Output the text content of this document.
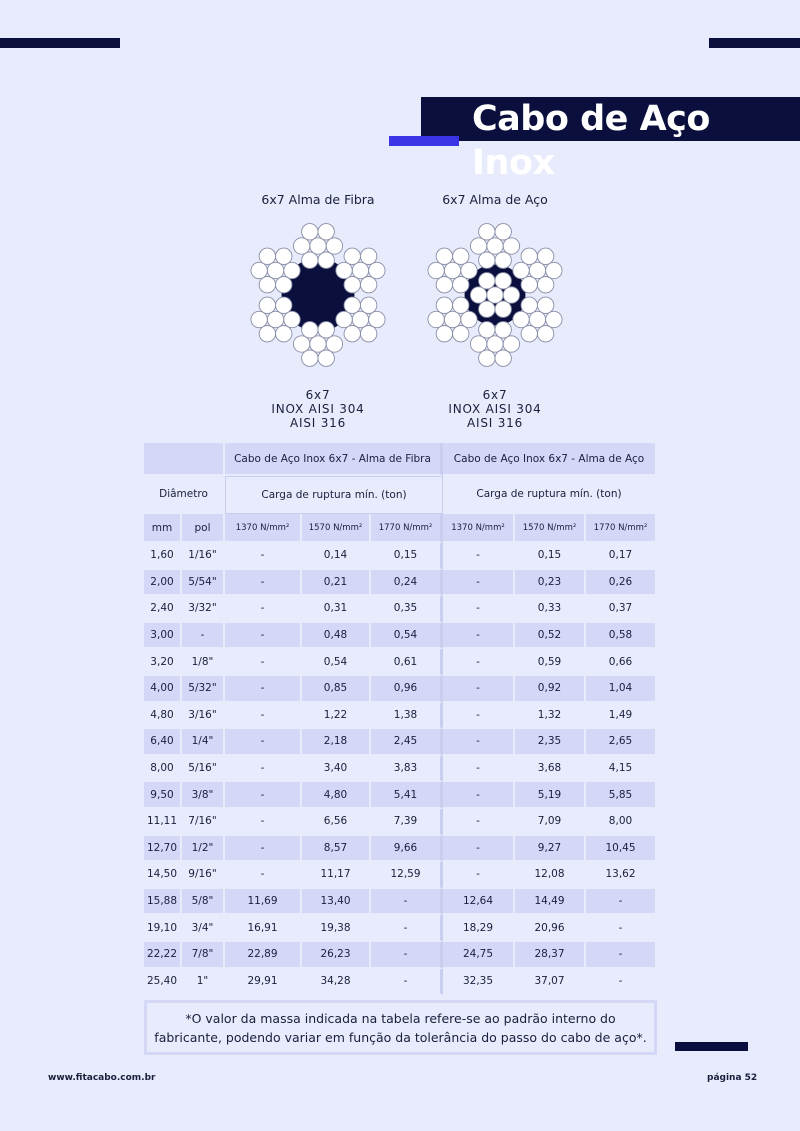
Cabo de Aço Inox
6x7 Alma de Fibra
6x7
INOX AISI 304
AISI 316
6x7 Alma de Aço
6x7
INOX AISI 304
AISI 316
		Cabo de Aço Inox 6x7 - Alma de Fibra			Cabo de Aço Inox 6x7 - Alma de Aço		
Diâmetro		Carga de ruptura mín. (ton)			Carga de ruptura mín. (ton)		
mm	pol	1370 N/mm²	1570 N/mm²	1770 N/mm²	1370 N/mm²	1570 N/mm²	1770 N/mm²
1,60	1/16"	-	0,14	0,15	-	0,15	0,17
2,00	5/54"	-	0,21	0,24	-	0,23	0,26
2,40	3/32"	-	0,31	0,35	-	0,33	0,37
3,00	-	-	0,48	0,54	-	0,52	0,58
3,20	1/8"	-	0,54	0,61	-	0,59	0,66
4,00	5/32"	-	0,85	0,96	-	0,92	1,04
4,80	3/16"	-	1,22	1,38	-	1,32	1,49
6,40	1/4"	-	2,18	2,45	-	2,35	2,65
8,00	5/16"	-	3,40	3,83	-	3,68	4,15
9,50	3/8"	-	4,80	5,41	-	5,19	5,85
11,11	7/16"	-	6,56	7,39	-	7,09	8,00
12,70	1/2"	-	8,57	9,66	-	9,27	10,45
14,50	9/16"	-	11,17	12,59	-	12,08	13,62
15,88	5/8"	11,69	13,40	-	12,64	14,49	-
19,10	3/4"	16,91	19,38	-	18,29	20,96	-
22,22	7/8"	22,89	26,23	-	24,75	28,37	-
25,40	1"	29,91	34,28	-	32,35	37,07	-
*O valor da massa indicada na tabela refere-se ao padrão interno do
fabricante, podendo variar em função da tolerância do passo do cabo de aço*.
www.fitacabo.com.br	página 52
